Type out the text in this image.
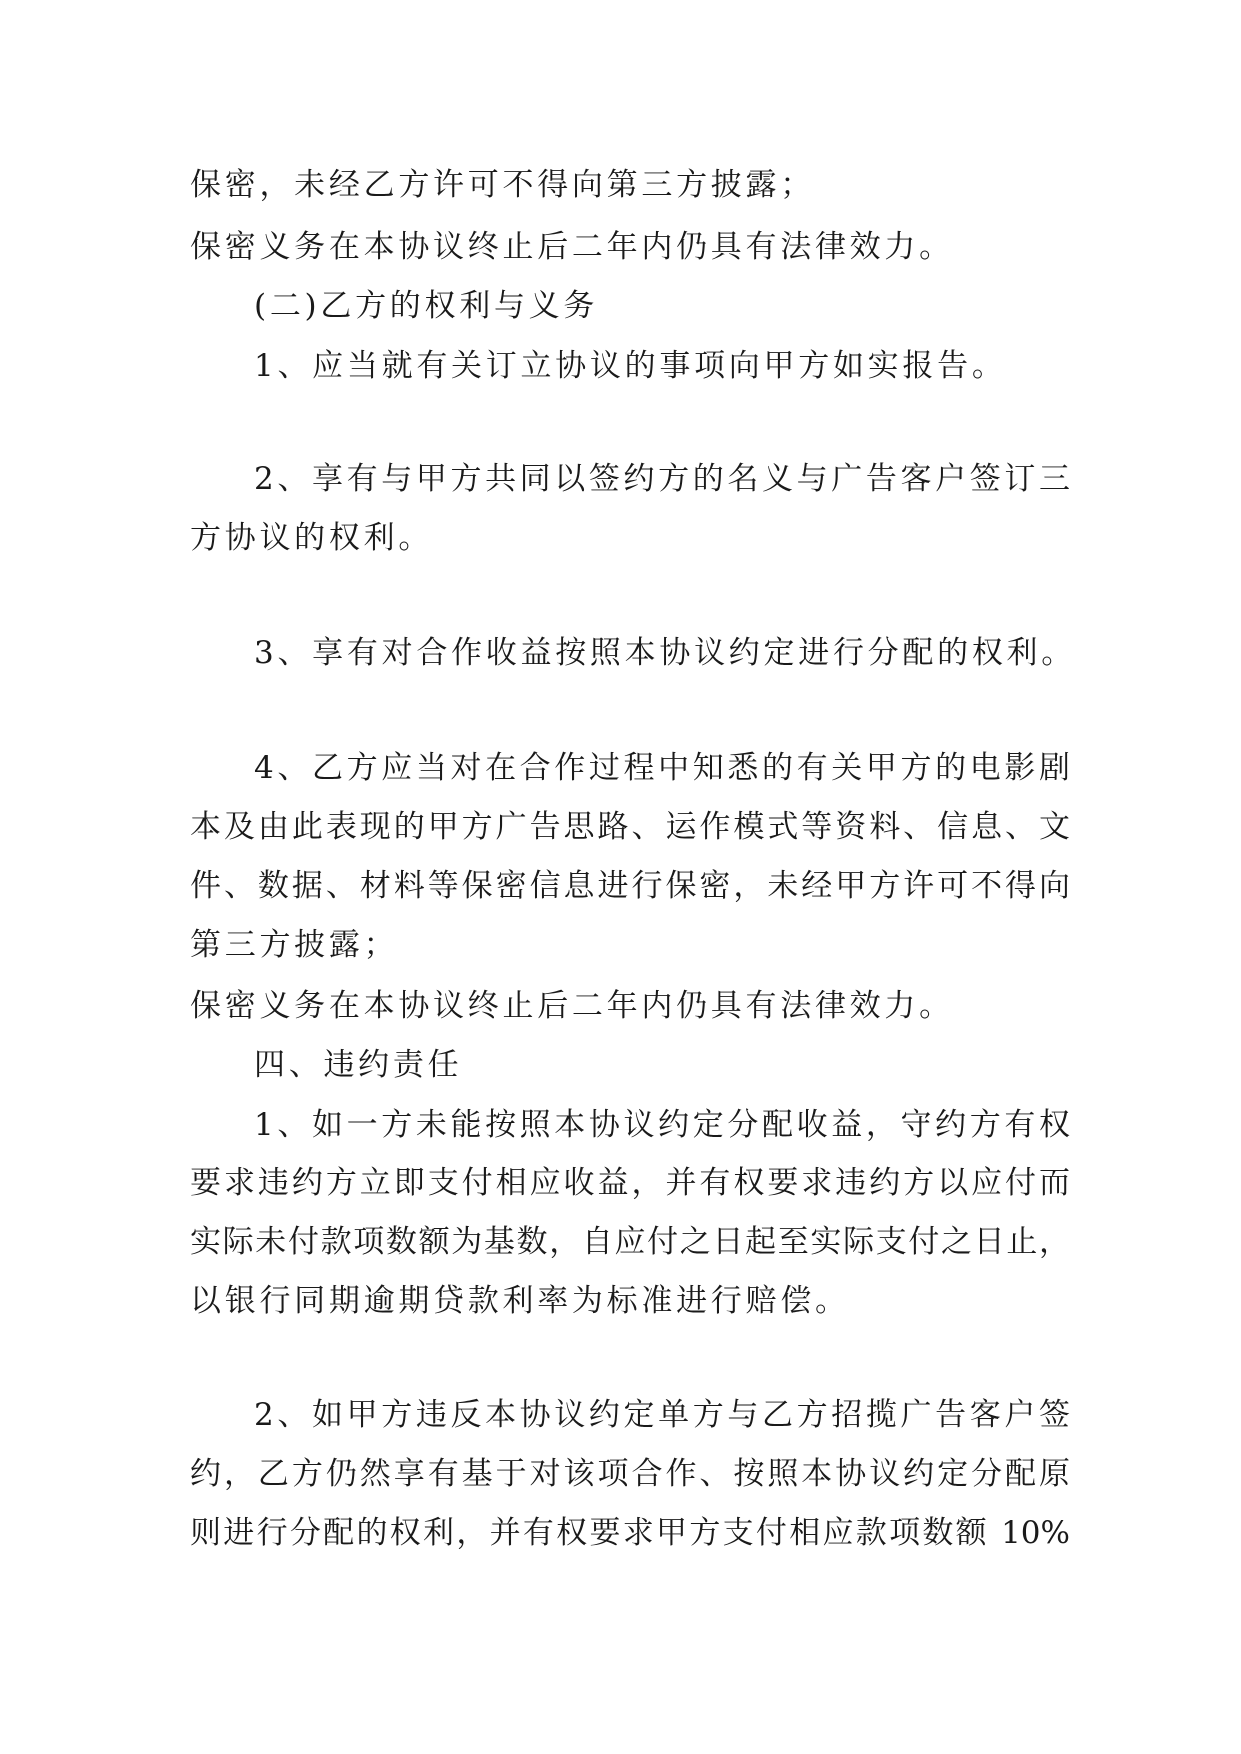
保密，未经乙方许可不得向第三方披露；
保密义务在本协议终止后二年内仍具有法律效力。
(二)乙方的权利与义务
1、应当就有关订立协议的事项向甲方如实报告。
2、享有与甲方共同以签约方的名义与广告客户签订三
方协议的权利。
3、享有对合作收益按照本协议约定进行分配的权利。
4、乙方应当对在合作过程中知悉的有关甲方的电影剧
本及由此表现的甲方广告思路、运作模式等资料、信息、文
件、数据、材料等保密信息进行保密，未经甲方许可不得向
第三方披露；
保密义务在本协议终止后二年内仍具有法律效力。
四、违约责任
1、如一方未能按照本协议约定分配收益，守约方有权
要求违约方立即支付相应收益，并有权要求违约方以应付而
实际未付款项数额为基数，自应付之日起至实际支付之日止，
以银行同期逾期贷款利率为标准进行赔偿。
2、如甲方违反本协议约定单方与乙方招揽广告客户签
约，乙方仍然享有基于对该项合作、按照本协议约定分配原
则进行分配的权利，并有权要求甲方支付相应款项数额 10%
